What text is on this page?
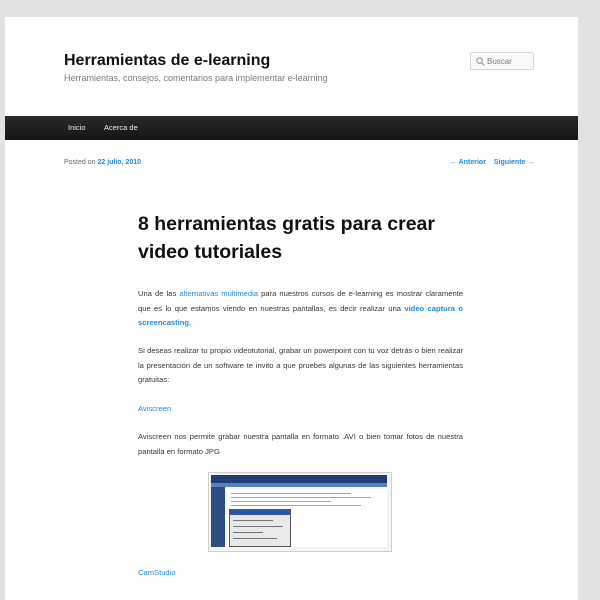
Herramientas de e-learning
Herramientas, consejos, comentarios para implementar e-learning
Buscar
Inicio Acerca de
Posted on 22 julio, 2010	← Anterior Siguiente →
8 herramientas gratis para crear video tutoriales
Una de las alternativas multimedia para nuestros cursos de e-learning es mostrar claramente que es lo que estamos viendo en nuestras pantallas, es decir realizar una video captura o screencasting.
Si deseas realizar tu propio videotutorial, grabar un powerpoint con tu voz detrás o bien realizar la presentación de un software te invito a que pruebes algunas de las siguientes herramientas gratuitas:
Aviscreen
Aviscreen nos permite grabar nuestra pantalla en formato .AVI o bien tomar fotos de nuestra pantalla en formato JPG
CamStudio
